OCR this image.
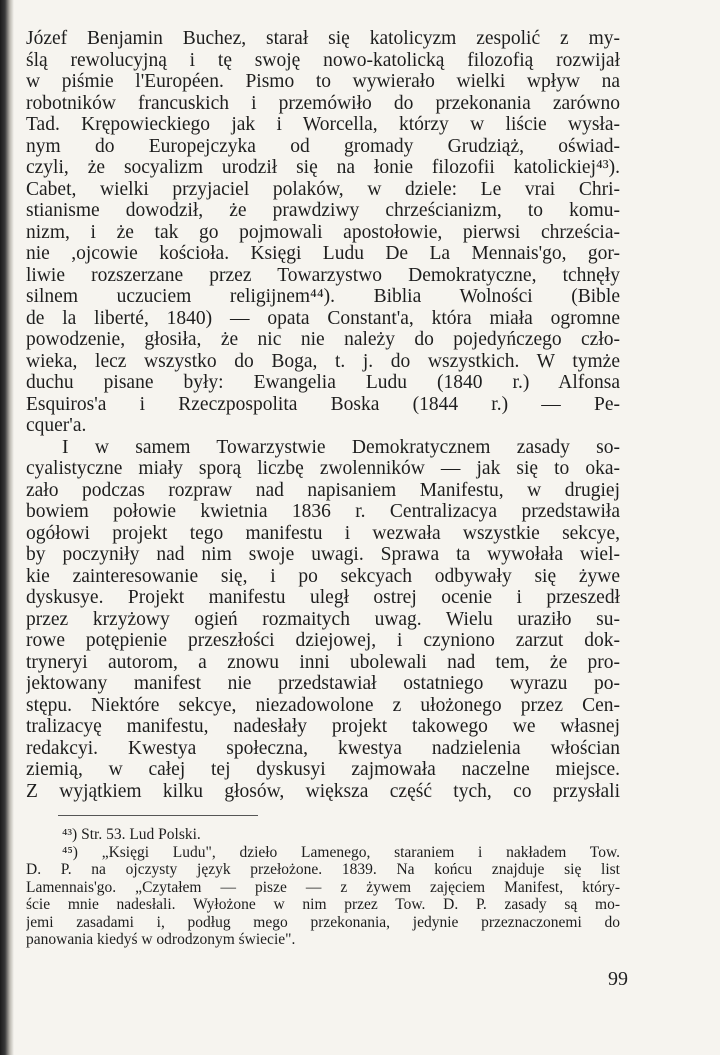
Józef Benjamin Buchez, starał się katolicyzm zespolić z my-
ślą rewolucyjną i tę swoję nowo-katolicką filozofią rozwijał
w piśmie l'Européen. Pismo to wywierało wielki wpływ na
robotników francuskich i przemówiło do przekonania zarówno
Tad. Krępowieckiego jak i Worcella, którzy w liście wysła-
nym do Europejczyka od gromady Grudziąż, oświad-
czyli, że socyalizm urodził się na łonie filozofii katolickiej⁴³).
Cabet, wielki przyjaciel polaków, w dziele: Le vrai Chri-
stianisme dowodził, że prawdziwy chrześcianizm, to komu-
nizm, i że tak go pojmowali apostołowie, pierwsi chrześcia-
nie ,ojcowie kościoła. Księgi Ludu De La Mennais'go, gor-
liwie rozszerzane przez Towarzystwo Demokratyczne, tchnęły
silnem uczuciem religijnem⁴⁴). Biblia Wolności (Bible
de la liberté, 1840) — opata Constant'a, która miała ogromne
powodzenie, głosiła, że nic nie należy do pojedyńczego czło-
wieka, lecz wszystko do Boga, t. j. do wszystkich. W tymże
duchu pisane były: Ewangelia Ludu (1840 r.) Alfonsa
Esquiros'a i Rzeczpospolita Boska (1844 r.) — Pe-
cquer'a.
I w samem Towarzystwie Demokratycznem zasady so-
cyalistyczne miały sporą liczbę zwolenników — jak się to oka-
zało podczas rozpraw nad napisaniem Manifestu, w drugiej
bowiem połowie kwietnia 1836 r. Centralizacya przedstawiła
ogółowi projekt tego manifestu i wezwała wszystkie sekcye,
by poczyniły nad nim swoje uwagi. Sprawa ta wywołała wiel-
kie zainteresowanie się, i po sekcyach odbywały się żywe
dyskusye. Projekt manifestu uległ ostrej ocenie i przeszedł
przez krzyżowy ogień rozmaitych uwag. Wielu uraziło su-
rowe potępienie przeszłości dziejowej, i czyniono zarzut dok-
tryneryi autorom, a znowu inni ubolewali nad tem, że pro-
jektowany manifest nie przedstawiał ostatniego wyrazu po-
stępu. Niektóre sekcye, niezadowolone z ułożonego przez Cen-
tralizacyę manifestu, nadesłały projekt takowego we własnej
redakcyi. Kwestya społeczna, kwestya nadzielenia włościan
ziemią, w całej tej dyskusyi zajmowała naczelne miejsce.
Z wyjątkiem kilku głosów, większa część tych, co przysłali
⁴³) Str. 53. Lud Polski.
⁴⁵) „Księgi Ludu", dzieło Lamenego, staraniem i nakładem Tow.
D. P. na ojczysty język przełożone. 1839. Na końcu znajduje się list
Lamennais'go. „Czytałem — pisze — z żywem zajęciem Manifest, który-
ście mnie nadesłali. Wyłożone w nim przez Tow. D. P. zasady są mo-
jemi zasadami i, podług mego przekonania, jedynie przeznaczonemi do
panowania kiedyś w odrodzonym świecie".
99
